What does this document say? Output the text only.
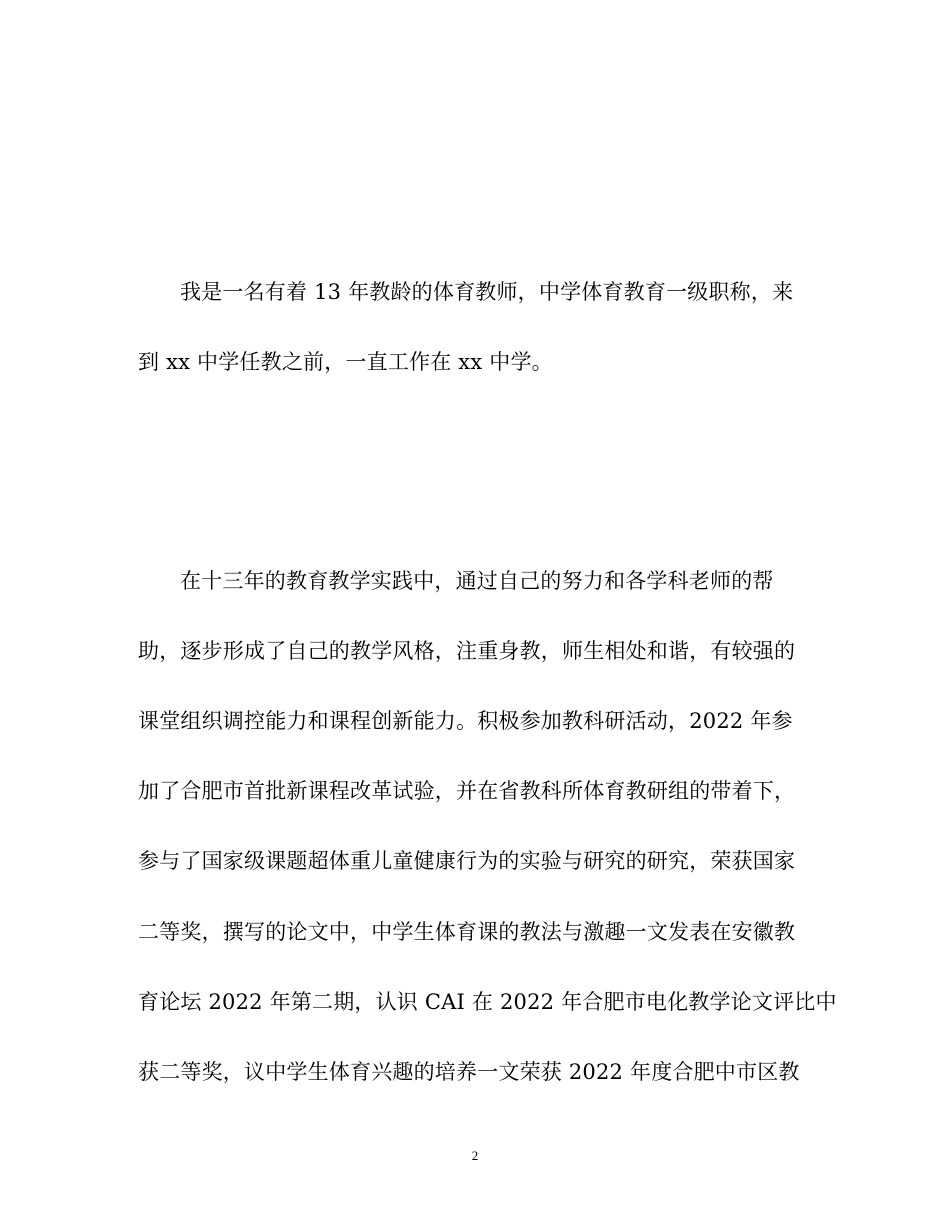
我是一名有着 13 年教龄的体育教师，中学体育教育一级职称，来
到 xx 中学任教之前，一直工作在 xx 中学。
在十三年的教育教学实践中，通过自己的努力和各学科老师的帮
助，逐步形成了自己的教学风格，注重身教，师生相处和谐，有较强的
课堂组织调控能力和课程创新能力。积极参加教科研活动，2022 年参
加了合肥市首批新课程改革试验，并在省教科所体育教研组的带着下，
参与了国家级课题超体重儿童健康行为的实验与研究的研究，荣获国家
二等奖，撰写的论文中，中学生体育课的教法与激趣一文发表在安徽教
育论坛 2022 年第二期，认识 CAI 在 2022 年合肥市电化教学论文评比中
获二等奖，议中学生体育兴趣的培养一文荣获 2022 年度合肥中市区教
2
